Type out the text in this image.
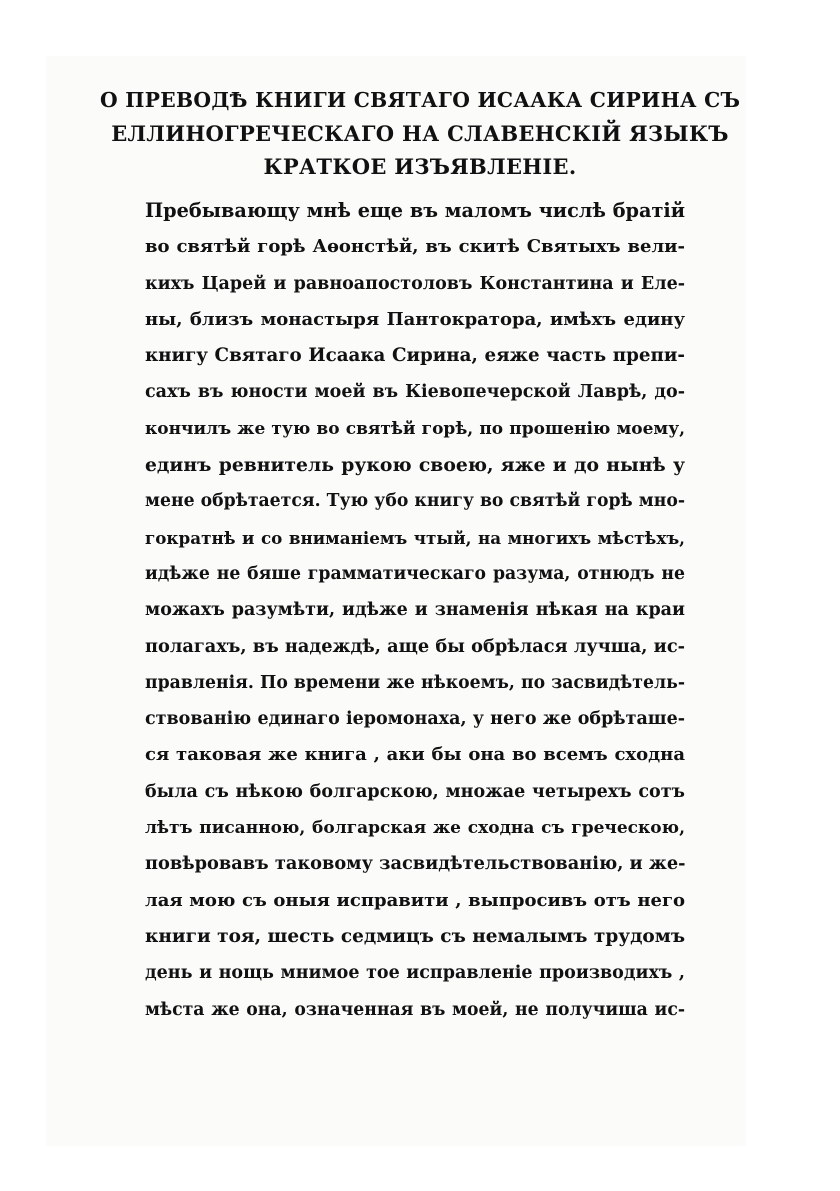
О ПРЕВОДѢ КНИГИ СВЯТАГО ИСААКА СИРИНА СЪ
ЕЛЛИНОГРЕЧЕСКАГО НА СЛАВЕНСКІЙ ЯЗЫКЪ
КРАТКОЕ ИЗЪЯВЛЕНІЕ.
Пребывающу мнѣ еще въ маломъ числѣ братій
во святѣй горѣ Аѳонстѣй, въ скитѣ Святыхъ вели-
кихъ Царей и равноапостоловъ Константина и Еле-
ны, близъ монастыря Пантократора, имѣхъ едину
книгу Святаго Исаака Сирина, еяже часть препи-
сахъ въ юности моей въ Кіевопечерской Лаврѣ, до-
кончилъ же тую во святѣй горѣ, по прошенію моему,
единъ ревнитель рукою своею, яже и до нынѣ у
мене обрѣтается. Тую убо книгу во святѣй горѣ мно-
гократнѣ и со вниманіемъ чтый, на многихъ мѣстѣхъ,
идѣже не бяше грамматическаго разума, отнюдъ не
можахъ разумѣти, идѣже и знаменія нѣкая на краи
полагахъ, въ надеждѣ, аще бы обрѣлася лучша, ис-
правленія. По времени же нѣкоемъ, по засвидѣтель-
ствованію единаго іеромонаха, у него же обрѣташе-
ся таковая же книга , аки бы она во всемъ сходна
была съ нѣкою болгарскою, множае четырехъ сотъ
лѣтъ писанною, болгарская же сходна съ греческою,
повѣровавъ таковому засвидѣтельствованію, и же-
лая мою съ оныя исправити , выпросивъ отъ него
книги тоя, шесть седмицъ съ немалымъ трудомъ
день и нощь мнимое тое исправленіе производихъ ,
мѣста же она, означенная въ моей, не получиша ис-
